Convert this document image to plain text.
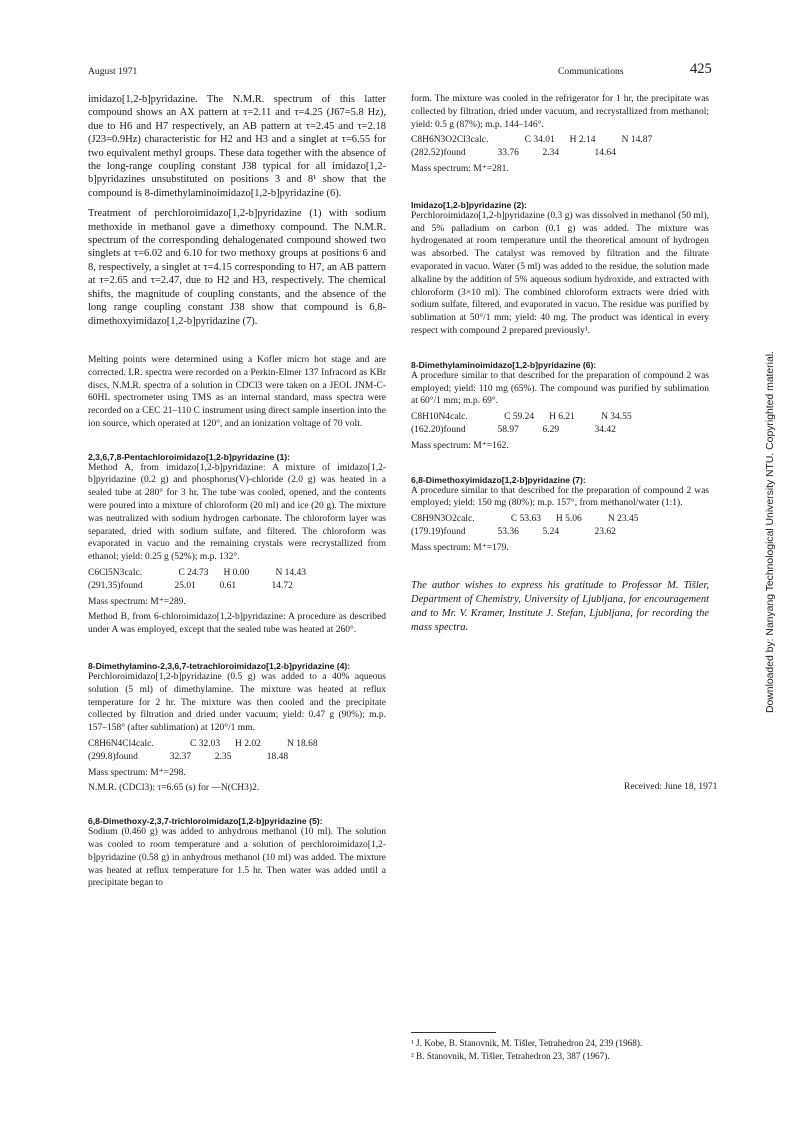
August 1971	Communications	425

imidazo[1,2-b]pyridazine. The N.M.R. spectrum of this latter compound shows an AX pattern at τ=2.11 and τ=4.25 (J67=5.8 Hz), due to H6 and H7 respectively, an AB pattern at τ=2.45 and τ=2.18 (J23=0.9Hz) characteristic for H2 and H3 and a singlet at τ=6.55 for two equivalent methyl groups. These data together with the absence of the long-range coupling constant J38 typical for all imidazo[1,2-b]pyridazines unsubstituted on positions 3 and 8¹ show that the compound is 8-dimethylaminoimidazo[1,2-b]pyridazine (6).

Treatment of perchloroimidazo[1,2-b]pyridazine (1) with sodium methoxide in methanol gave a dimethoxy compound. The N.M.R. spectrum of the corresponding dehalogenated compound showed two singlets at τ=6.02 and 6.10 for two methoxy groups at positions 6 and 8, respectively, a singlet at τ=4.15 corresponding to H7, an AB pattern at τ=2.65 and τ=2.47, due to H2 and H3, respectively. The chemical shifts, the magnitude of coupling constants, and the absence of the long range coupling constant J38 show that compound is 6,8-dimethoxyimidazo[1,2-b]pyridazine (7).

Melting points were determined using a Kofler micro hot stage and are corrected. I.R. spectra were recorded on a Perkin-Elmer 137 Infracord as KBr discs, N.M.R. spectra of a solution in CDCl3 were taken on a JEOL JNM-C-60HL spectrometer using TMS as an internal standard, mass spectra were recorded on a CEC 21–110 C instrument using direct sample insertion into the ion source, which operated at 120°, and an ionization voltage of 70 volt.

2,3,6,7,8-Pentachloroimidazo[1,2-b]pyridazine (1):

Method A, from imidazo[1,2-b]pyridazine: A mixture of imidazo[1,2-b]pyridazine (0.2 g) and phosphorus(V)-chloride (2.0 g) was heated in a sealed tube at 280° for 3 hr. The tube was cooled, opened, and the contents were poured into a mixture of chloroform (20 ml) and ice (20 g). The mixture was neutralized with sodium hydrogen carbonate. The chloroform layer was separated, dried with sodium sulfate, and filtered. The chloroform was evaporated in vacuo and the remaining crystals were recrystallized from ethanol; yield: 0.25 g (52%); m.p. 132°.

C6Cl5N3 calc.	C 24.73	H 0.00	N 14.43
(291.35) found	25.01	0.61	14.72
Mass spectrum: M⁺=289.

Method B, from 6-chloroimidazo[1,2-b]pyridazine: A procedure as described under A was employed, except that the sealed tube was heated at 260°.

8-Dimethylamino-2,3,6,7-tetrachloroimidazo[1,2-b]pyridazine (4):

Perchloroimidazo[1,2-b]pyridazine (0.5 g) was added to a 40% aqueous solution (5 ml) of dimethylamine. The mixture was heated at reflux temperature for 2 hr. The mixture was then cooled and the precipitate collected by filtration and dried under vacuum; yield: 0.47 g (90%); m.p. 157–158° (after sublimation) at 120°/1 mm.

C8H6N4Cl4 calc.	C 32.03	H 2.02	N 18.68
(299.8) found	32.37	2.35	18.48
Mass spectrum: M⁺=298.
N.M.R. (CDCl3): τ=6.65 (s) for —N(CH3)2.
6,8-Dimethoxy-2,3,7-trichloroimidazo[1,2-b]pyridazine (5):

Sodium (0.460 g) was added to anhydrous methanol (10 ml). The solution was cooled to room temperature and a solution of perchloroimidazo[1,2-b]pyridazine (0.58 g) in anhydrous methanol (10 ml) was added. The mixture was heated at reflux temperature for 1.5 hr. Then water was added until a precipitate began to

form. The mixture was cooled in the refrigerator for 1 hr, the precipitate was collected by filtration, dried under vacuum, and recrystallized from methanol; yield: 0.5 g (87%); m.p. 144–146°.

C8H6N3O2Cl3 calc.	C 34.01	H 2.14	N 14.87
(282.52) found	33.76	2.34	14.64
Mass spectrum: M⁺=281.
Imidazo[1,2-b]pyridazine (2):

Perchloroimidazo[1,2-b]pyridazine (0.3 g) was dissolved in methanol (50 ml), and 5% palladium on carbon (0.1 g) was added. The mixture was hydrogenated at room temperature until the theoretical amount of hydrogen was absorbed. The catalyst was removed by filtration and the filtrate evaporated in vacuo. Water (5 ml) was added to the residue, the solution made alkaline by the addition of 5% aqueous sodium hydroxide, and extracted with chloroform (3×10 ml). The combined chloroform extracts were dried with sodium sulfate, filtered, and evaporated in vacuo. The residue was purified by sublimation at 50°/1 mm; yield: 40 mg. The product was identical in every respect with compound 2 prepared previously¹.

8-Dimethylaminoimidazo[1,2-b]pyridazine (6):

A procedure similar to that described for the preparation of compound 2 was employed; yield: 110 mg (65%). The compound was purified by sublimation at 60°/1 mm; m.p. 69°.

C8H10N4 calc.	C 59.24	H 6.21	N 34.55
(162.20) found	58.97	6.29	34.42
Mass spectrum: M⁺=162.
6,8-Dimethoxyimidazo[1,2-b]pyridazine (7):

A procedure similar to that described for the preparation of compound 2 was employed; yield: 150 mg (80%); m.p. 157°, from methanol/water (1:1).

C8H9N3O2 calc.	C 53.63	H 5.06	N 23.45
(179.19) found	53.36	5.24	23.62
Mass spectrum: M⁺=179.

The author wishes to express his gratitude to Professor M. Tišler, Department of Chemistry, University of Ljubljana, for encouragement and to Mr. V. Kramer, Institute J. Stefan, Ljubljana, for recording the mass spectra.

Received: June 18, 1971
¹ J. Kobe, B. Stanovnik, M. Tišler, Tetrahedron 24, 239 (1968).
² B. Stanovnik, M. Tišler, Tetrahedron 23, 387 (1967).
Downloaded by: Nanyang Technological University NTU. Copyrighted material.
